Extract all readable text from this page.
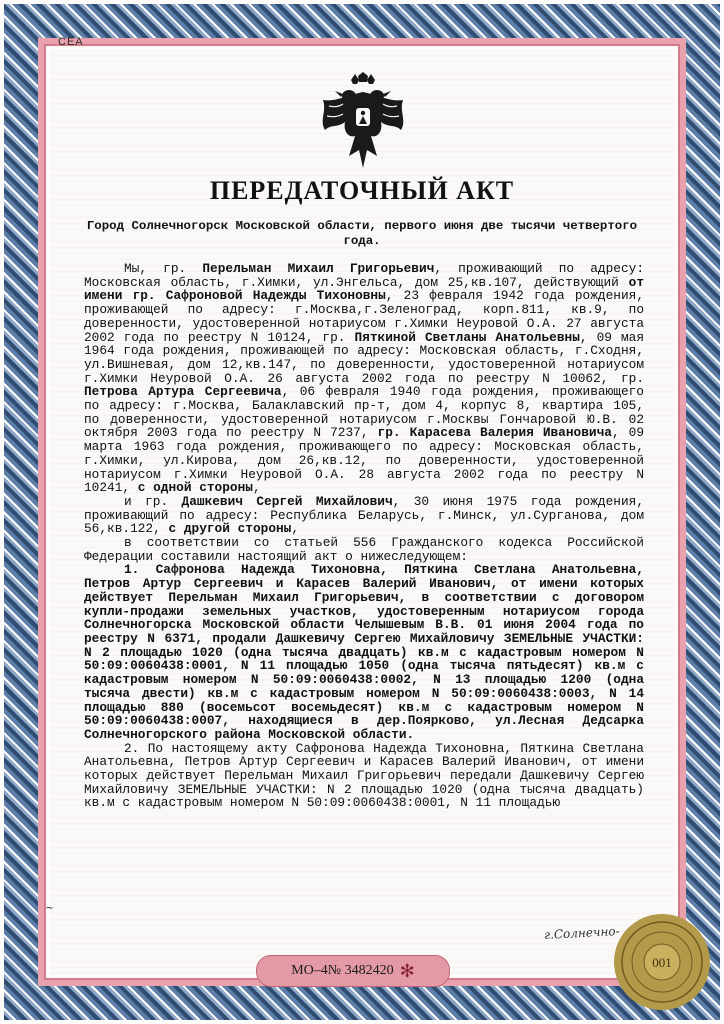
СЕА
ПЕРЕДАТОЧНЫЙ АКТ
Город Солнечногорск Московской области, первого июня две тысячи четвертого года.

Мы, гр. Перельман Михаил Григорьевич, проживающий по адресу: Московская область, г.Химки, ул.Энгельса, дом 25,кв.107, действующий от имени гр. Сафроновой Надежды Тихоновны, 23 февраля 1942 года рождения, проживающей по адресу: г.Москва,г.Зеленоград, корп.811, кв.9, по доверенности, удостоверенной нотариусом г.Химки Неуровой О.А. 27 августа 2002 года по реестру N 10124, гр. Пяткиной Светланы Анатольевны, 09 мая 1964 года рождения, проживающей по адресу: Московская область, г.Сходня, ул.Вишневая, дом 12,кв.147, по доверенности, удостоверенной нотариусом г.Химки Неуровой О.А. 26 августа 2002 года по реестру N 10062, гр. Петрова Артура Сергеевича, 06 февраля 1940 года рождения, проживающего по адресу: г.Москва, Балаклавский пр-т, дом 4, корпус 8, квартира 105, по доверенности, удостоверенной нотариусом г.Москвы Гончаровой Ю.В. 02 октября 2003 года по реестру N 7237, гр. Карасева Валерия Ивановича, 09 марта 1963 года рождения, проживающего по адресу: Московская область, г.Химки, ул.Кирова, дом 26,кв.12, по доверенности, удостоверенной нотариусом г.Химки Неуровой О.А. 28 августа 2002 года по реестру N 10241, с одной стороны,

и гр. Дашкевич Сергей Михайлович, 30 июня 1975 года рождения, проживающий по адресу: Республика Беларусь, г.Минск, ул.Сурганова, дом 56,кв.122, с другой стороны,

в соответствии со статьей 556 Гражданского кодекса Российской Федерации составили настоящий акт о нижеследующем:

1. Сафронова Надежда Тихоновна, Пяткина Светлана Анатольевна, Петров Артур Сергеевич и Карасев Валерий Иванович, от имени которых действует Перельман Михаил Григорьевич, в соответствии с договором купли-продажи земельных участков, удостоверенным нотариусом города Солнечногорска Московской области Челышевым В.В. 01 июня 2004 года по реестру N 6371, продали Дашкевичу Сергею Михайловичу ЗЕМЕЛЬНЫЕ УЧАСТКИ: N 2 площадью 1020 (одна тысяча двадцать) кв.м с кадастровым номером N 50:09:0060438:0001, N 11 площадью 1050 (одна тысяча пятьдесят) кв.м с кадастровым номером N 50:09:0060438:0002, N 13 площадью 1200 (одна тысяча двести) кв.м с кадастровым номером N 50:09:0060438:0003, N 14 площадью 880 (восемьсот восемьдесят) кв.м с кадастровым номером N 50:09:0060438:0007, находящиеся в дер.Поярково, ул.Лесная Дедсарка Солнечногорского района Московской области.

2. По настоящему акту Сафронова Надежда Тихоновна, Пяткина Светлана Анатольевна, Петров Артур Сергеевич и Карасев Валерий Иванович, от имени которых действует Перельман Михаил Григорьевич передали Дашкевичу Сергею Михайловичу ЗЕМЕЛЬНЫЕ УЧАСТКИ: N 2 площадью 1020 (одна тысяча двадцать) кв.м с кадастровым номером N 50:09:0060438:0001, N 11 площадью

~
г.Солнечно-
001
МО–4№ 3482420 ✻
